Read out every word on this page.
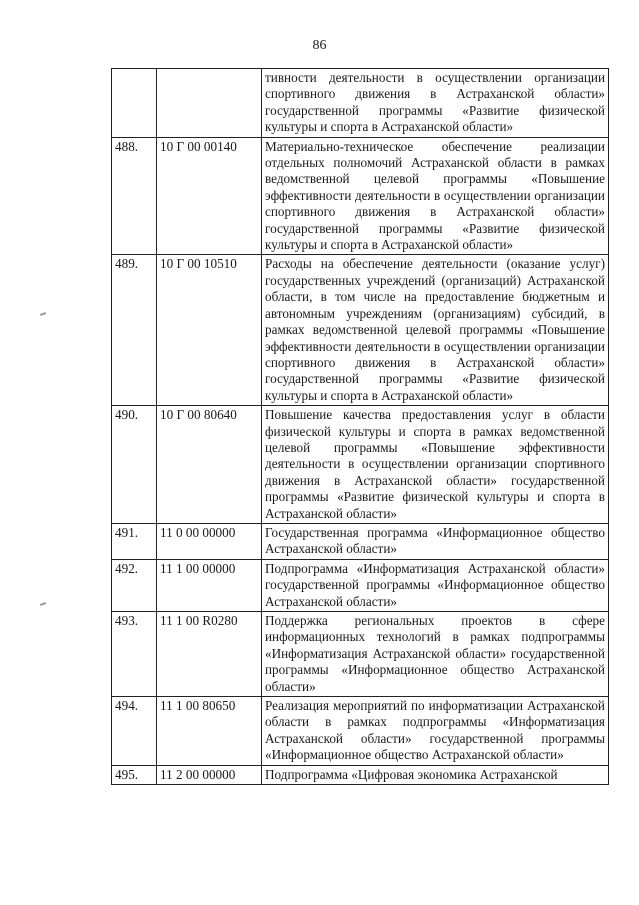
86
		тивности деятельности в осуществлении организации спортивного движения в Астраханской области» государственной программы «Развитие физической культуры и спорта в Астраханской области»
488.	10 Г 00 00140	Материально-техническое обеспечение реализации отдельных полномочий Астраханской области в рамках ведомственной целевой программы «Повышение эффективности деятельности в осуществлении организации спортивного движения в Астраханской области» государственной программы «Развитие физической культуры и спорта в Астраханской области»
489.	10 Г 00 10510	Расходы на обеспечение деятельности (оказание услуг) государственных учреждений (организаций) Астраханской области, в том числе на предоставление бюджетным и автономным учреждениям (организациям) субсидий, в рамках ведомственной целевой программы «Повышение эффективности деятельности в осуществлении организации спортивного движения в Астраханской области» государственной программы «Развитие физической культуры и спорта в Астраханской области»
490.	10 Г 00 80640	Повышение качества предоставления услуг в области физической культуры и спорта в рамках ведомственной целевой программы «Повышение эффективности деятельности в осуществлении организации спортивного движения в Астраханской области» государственной программы «Развитие физической культуры и спорта в Астраханской области»
491.	11 0 00 00000	Государственная программа «Информационное общество Астраханской области»
492.	11 1 00 00000	Подпрограмма «Информатизация Астраханской области» государственной программы «Информационное общество Астраханской области»
493.	11 1 00 R0280	Поддержка региональных проектов в сфере информационных технологий в рамках подпрограммы «Информатизация Астраханской области» государственной программы «Информационное общество Астраханской области»
494.	11 1 00 80650	Реализация мероприятий по информатизации Астраханской области в рамках подпрограммы «Информатизация Астраханской области» государственной программы «Информационное общество Астраханской области»
495.	11 2 00 00000	Подпрограмма «Цифровая экономика Астраханской
